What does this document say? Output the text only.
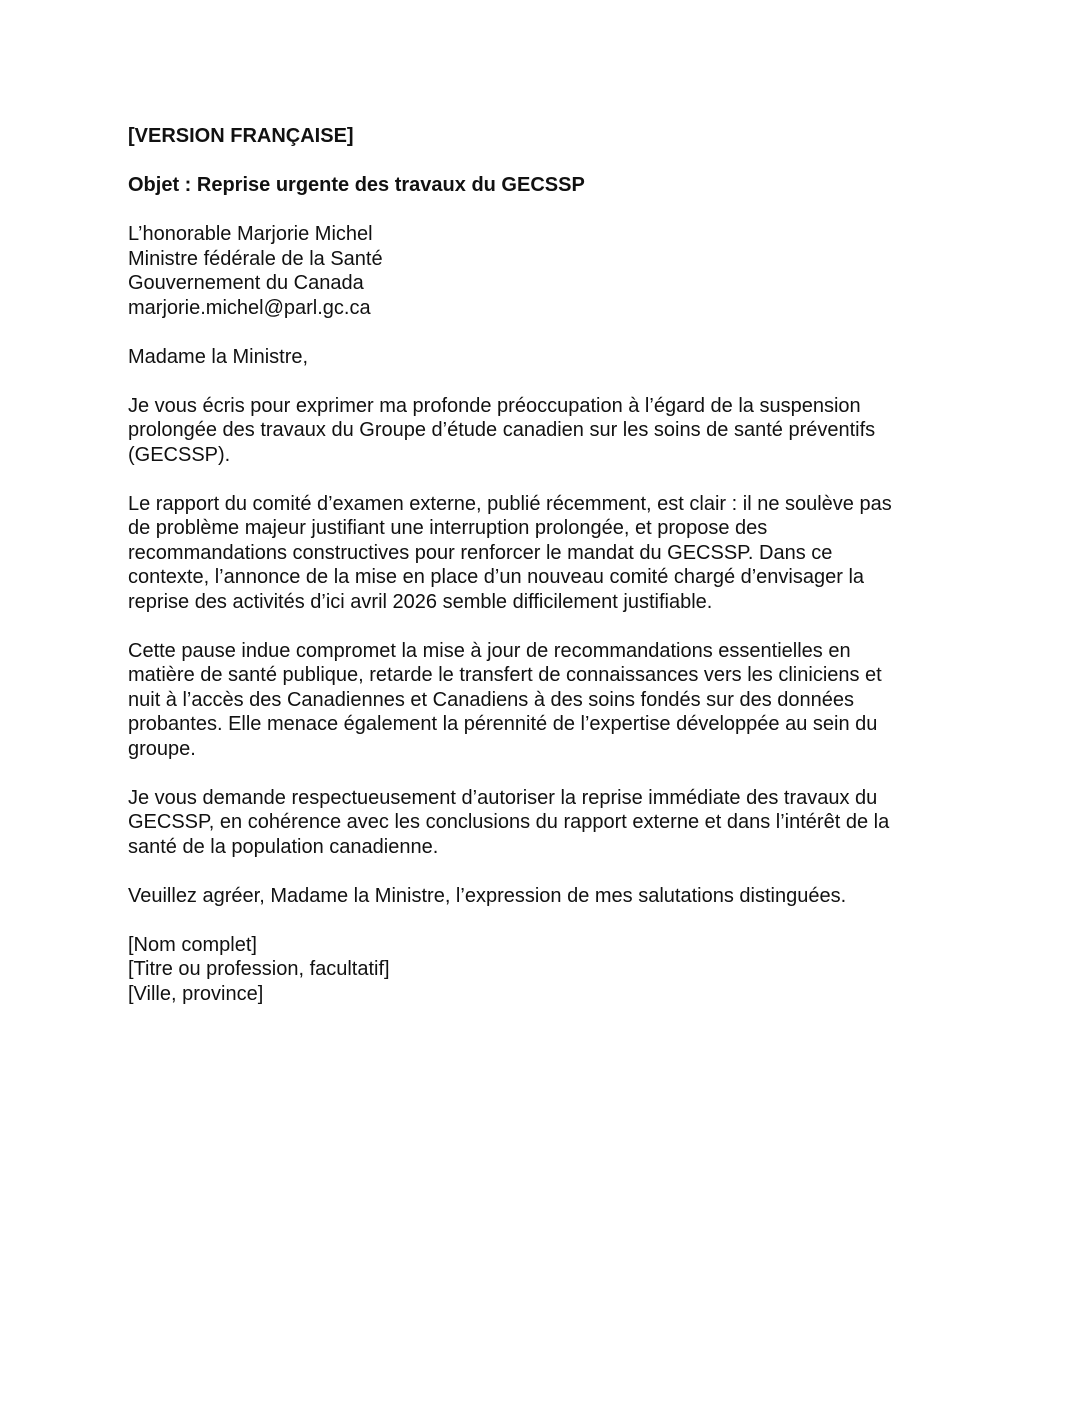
[VERSION FRANÇAISE]
Objet : Reprise urgente des travaux du GECSSP
L’honorable Marjorie Michel
Ministre fédérale de la Santé
Gouvernement du Canada
marjorie.michel@parl.gc.ca
Madame la Ministre,

Je vous écris pour exprimer ma profonde préoccupation à l’égard de la suspension
prolongée des travaux du Groupe d’étude canadien sur les soins de santé préventifs
(GECSSP).

Le rapport du comité d’examen externe, publié récemment, est clair : il ne soulève pas
de problème majeur justifiant une interruption prolongée, et propose des
recommandations constructives pour renforcer le mandat du GECSSP. Dans ce
contexte, l’annonce de la mise en place d’un nouveau comité chargé d’envisager la
reprise des activités d’ici avril 2026 semble difficilement justifiable.

Cette pause indue compromet la mise à jour de recommandations essentielles en
matière de santé publique, retarde le transfert de connaissances vers les cliniciens et
nuit à l’accès des Canadiennes et Canadiens à des soins fondés sur des données
probantes. Elle menace également la pérennité de l’expertise développée au sein du
groupe.

Je vous demande respectueusement d’autoriser la reprise immédiate des travaux du
GECSSP, en cohérence avec les conclusions du rapport externe et dans l’intérêt de la
santé de la population canadienne.

Veuillez agréer, Madame la Ministre, l’expression de mes salutations distinguées.
[Nom complet]
[Titre ou profession, facultatif]
[Ville, province]
